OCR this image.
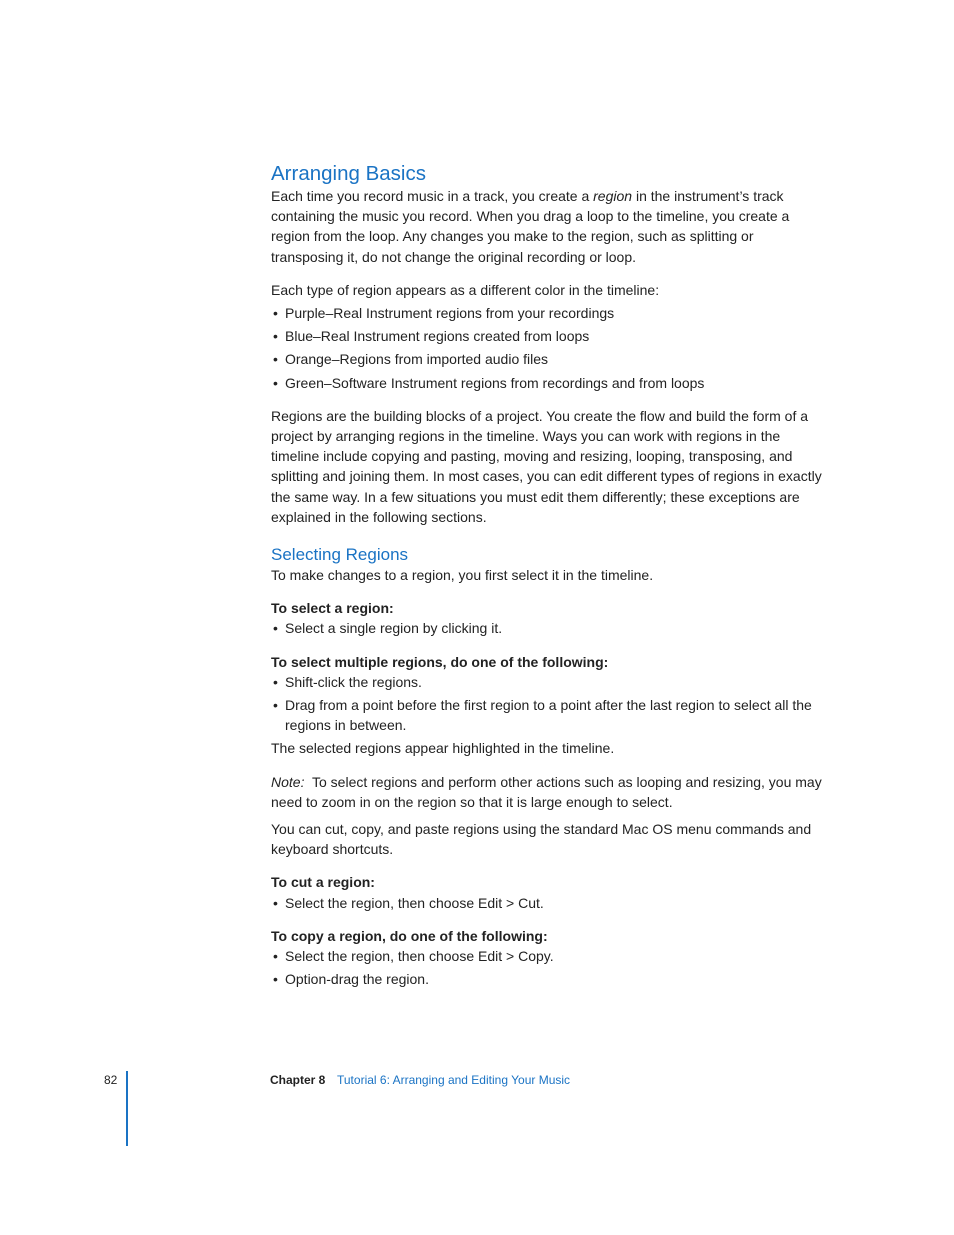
Arranging Basics

Each time you record music in a track, you create a region in the instrument’s track containing the music you record. When you drag a loop to the timeline, you create a region from the loop. Any changes you make to the region, such as splitting or transposing it, do not change the original recording or loop.

Each type of region appears as a different color in the timeline:

• Purple–Real Instrument regions from your recordings
• Blue–Real Instrument regions created from loops
• Orange–Regions from imported audio files
• Green–Software Instrument regions from recordings and from loops

Regions are the building blocks of a project. You create the flow and build the form of a project by arranging regions in the timeline. Ways you can work with regions in the timeline include copying and pasting, moving and resizing, looping, transposing, and splitting and joining them. In most cases, you can edit different types of regions in exactly the same way. In a few situations you must edit them differently; these exceptions are explained in the following sections.

Selecting Regions

To make changes to a region, you first select it in the timeline.

To select a region:

• Select a single region by clicking it.

To select multiple regions, do one of the following:

• Shift-click the regions.
• Drag from a point before the first region to a point after the last region to select all the regions in between.

The selected regions appear highlighted in the timeline.

Note: To select regions and perform other actions such as looping and resizing, you may need to zoom in on the region so that it is large enough to select.

You can cut, copy, and paste regions using the standard Mac OS menu commands and keyboard shortcuts.

To cut a region:

• Select the region, then choose Edit > Cut.

To copy a region, do one of the following:

• Select the region, then choose Edit > Copy.
• Option-drag the region.
82	Chapter 8 Tutorial 6: Arranging and Editing Your Music
